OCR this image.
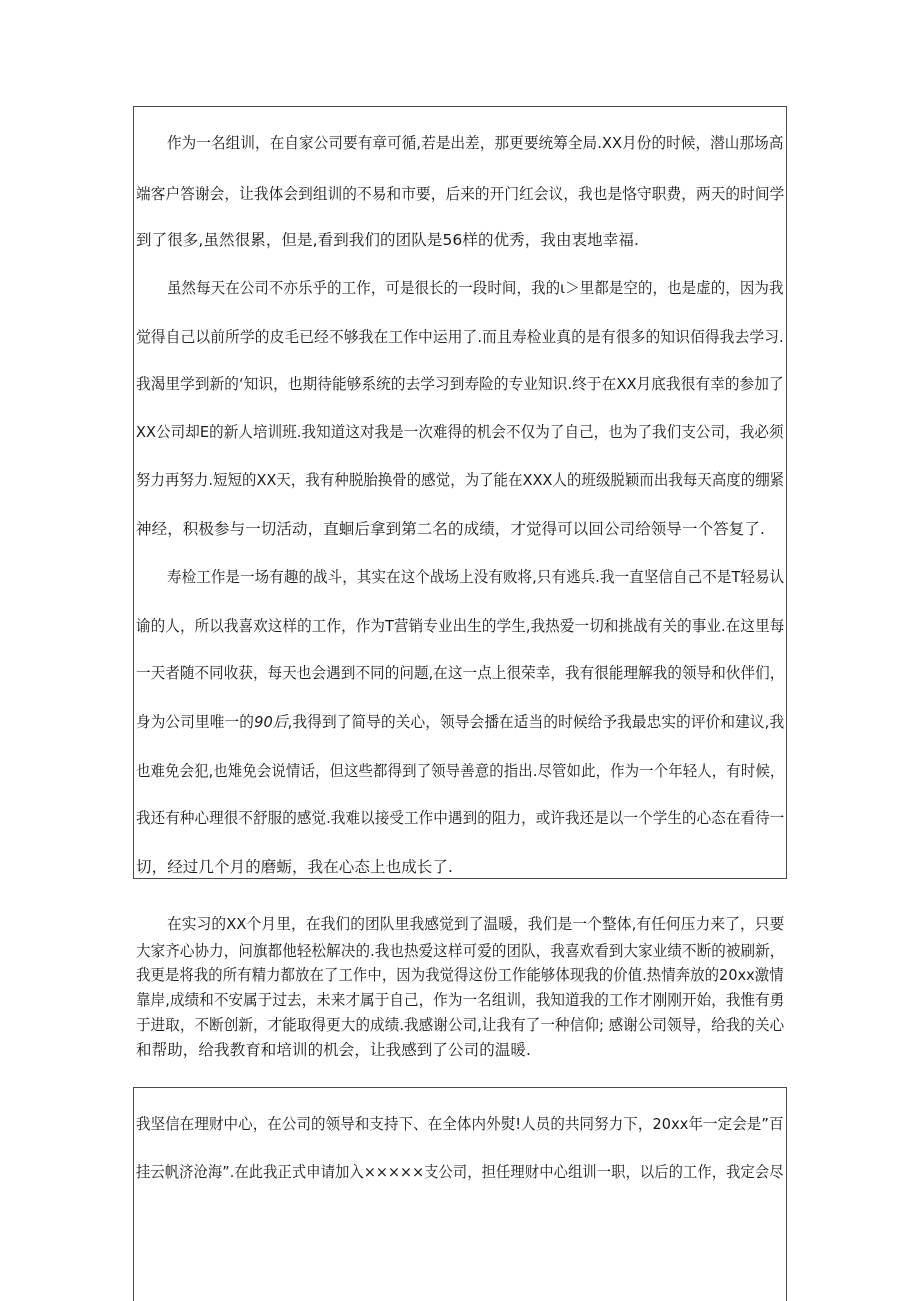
作为一名组训，在自家公司要有章可循,若是出差，那更要统筹全局.XX月份的时候，潜山那场高
端客户答谢会，让我体会到组训的不易和市要，后来的开门红会议，我也是恪守职费，两天的时间学
到了很多,虽然很累，但是,看到我们的团队是56样的优秀，我由衷地幸福.
虽然每天在公司不亦乐乎的工作，可是很长的一段时间，我的ι＞里都是空的，也是虚的，因为我
觉得自己以前所学的皮毛已经不够我在工作中运用了.而且寿检业真的是有很多的知识佰得我去学习.
我渴里学到新的‘知识，也期待能够系统的去学习到寿险的专业知识.终于在XX月底我很有幸的参加了
XX公司却E的新人培训班.我知道这对我是一次难得的机会不仅为了自己，也为了我们支公司，我必须
努力再努力.短短的XX天，我有种脱胎换骨的感觉，为了能在XXX人的班级脱颖而出我每天高度的绷紧
神经，积极参与一切活动，直蛔后拿到第二名的成绩，才觉得可以回公司给领导一个答复了.
寿检工作是一场有趣的战斗，其实在这个战场上没有败将,只有逃兵.我一直坚信自己不是T轻易认
谕的人，所以我喜欢这样的工作，作为T营销专业出生的学生,我热爱一切和挑战有关的事业.在这里每
一天者随不同收获，每天也会遇到不同的问题,在这一点上很荣幸，我有很能理解我的领导和伙伴们，
身为公司里唯一的90后,我得到了简导的关心，领导会播在适当的时候给予我最忠实的评价和建议,我
也难免会犯,也雉免会说情话，但这些都得到了领导善意的指出.尽管如此，作为一个年轻人，有时候，
我还有种心理很不舒服的感觉.我难以接受工作中遇到的阻力，或许我还是以一个学生的心态在看待一
切，经过几个月的磨蛎，我在心态上也成长了.
在实习的XX个月里，在我们的团队里我感觉到了温暖，我们是一个整体,有任何压力来了，只要
大家齐心协力，问旗都他轻松解决的.我也热爱这样可爱的团队，我喜欢看到大家业绩不断的被刷新，
我更是将我的所有精力都放在了工作中，因为我觉得这份工作能够体现我的价值.热情奔放的20xx激情
靠岸,成绩和不安属于过去，未来才属于自己，作为一名组训，我知道我的工作才刚刚开始，我惟有勇
于进取，不断创新，才能取得更大的成绩.我感谢公司,让我有了一种信仰; 感谢公司领导，给我的关心
和帮助，给我教育和培训的机会，让我感到了公司的温暖.
我坚信在理财中心，在公司的领导和支持下、在全体内外熨!人员的共同努力下，20xx年一定会是”百
挂云帆济沧海”.在此我正式申请加入×××××支公司，担任理财中心组训一职，以后的工作，我定会尽
